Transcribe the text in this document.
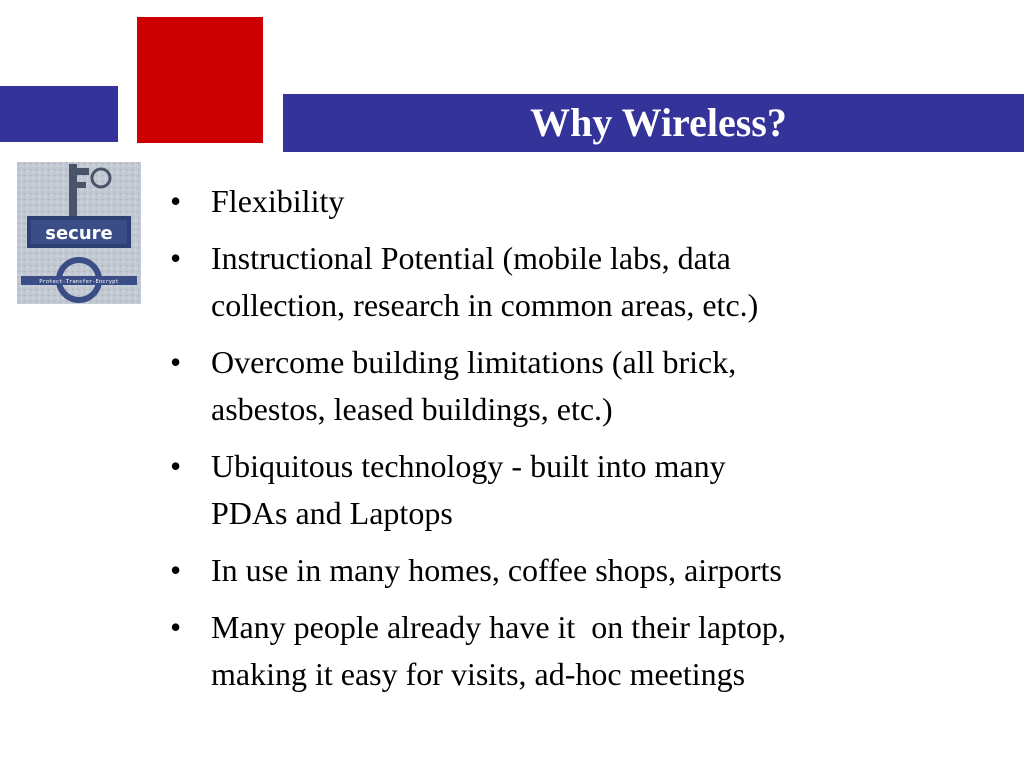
Why Wireless?
secure
Protect-Transfer-Encrypt
• Flexibility
• Instructional Potential (mobile labs, data
collection, research in common areas, etc.)
• Overcome building limitations (all brick,
asbestos, leased buildings, etc.)
• Ubiquitous technology - built into many
PDAs and Laptops
• In use in many homes, coffee shops, airports
• Many people already have it  on their laptop,
making it easy for visits, ad-hoc meetings
